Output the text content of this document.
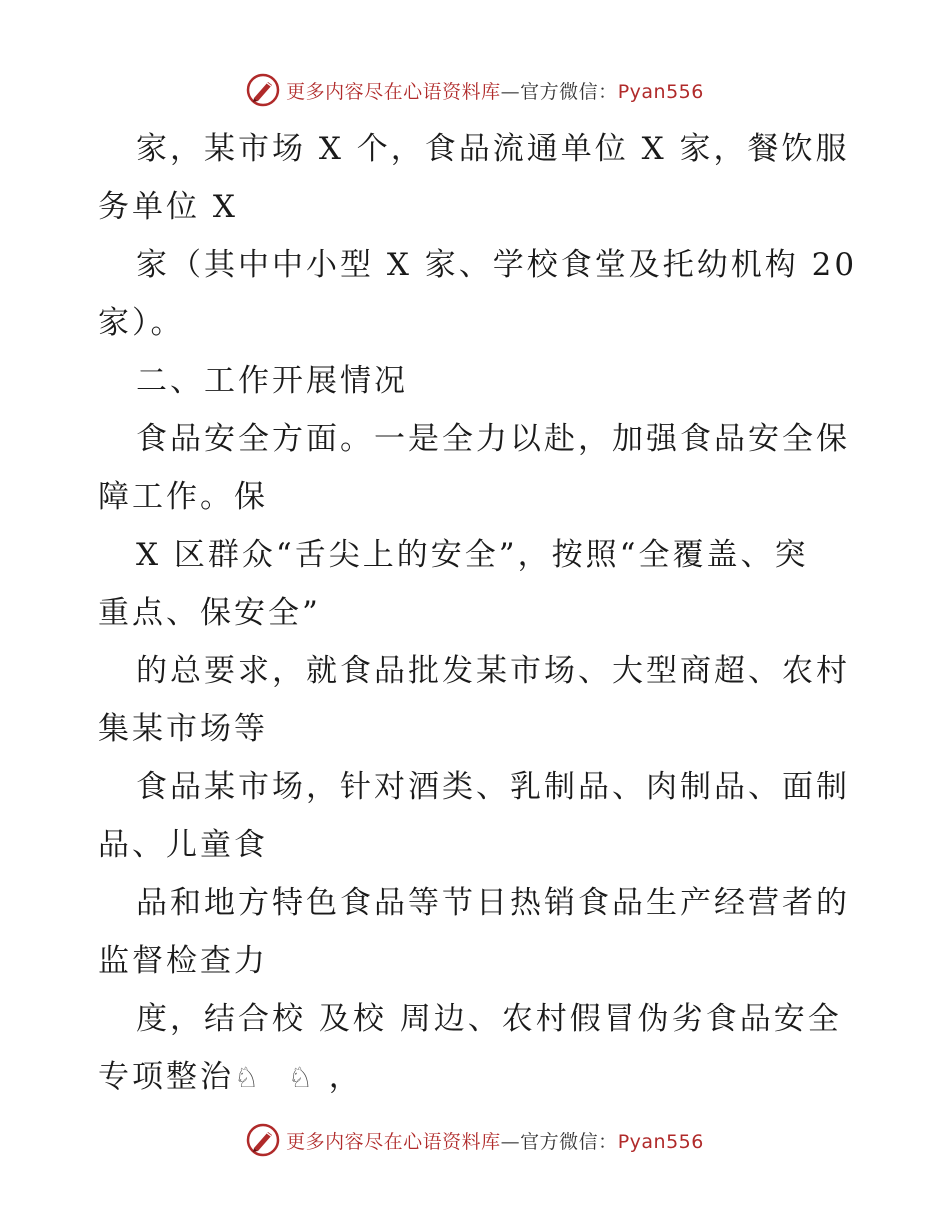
更多内容尽在心语资料库—官方微信：Pyan556

家，某市场 X 个，食品流通单位 X 家，餐饮服
务单位 X

家（其中中小型 X 家、学校食堂及托幼机构 20
家）。

二、工作开展情况

食品安全方面。一是全力以赴，加强食品安全保
障工作。保

X 区群众“舌尖上的安全”，按照“全覆盖、突
重点、保安全”

的总要求，就食品批发某市场、大型商超、农村
集某市场等

食品某市场，针对酒类、乳制品、肉制品、面制
品、儿童食

品和地方特色食品等节日热销食品生产经营者的
监督检查力

度，结合校 及校 周边、农村假冒伪劣食品安全
专项整治♘ ♘ ，

更多内容尽在心语资料库—官方微信：Pyan556
